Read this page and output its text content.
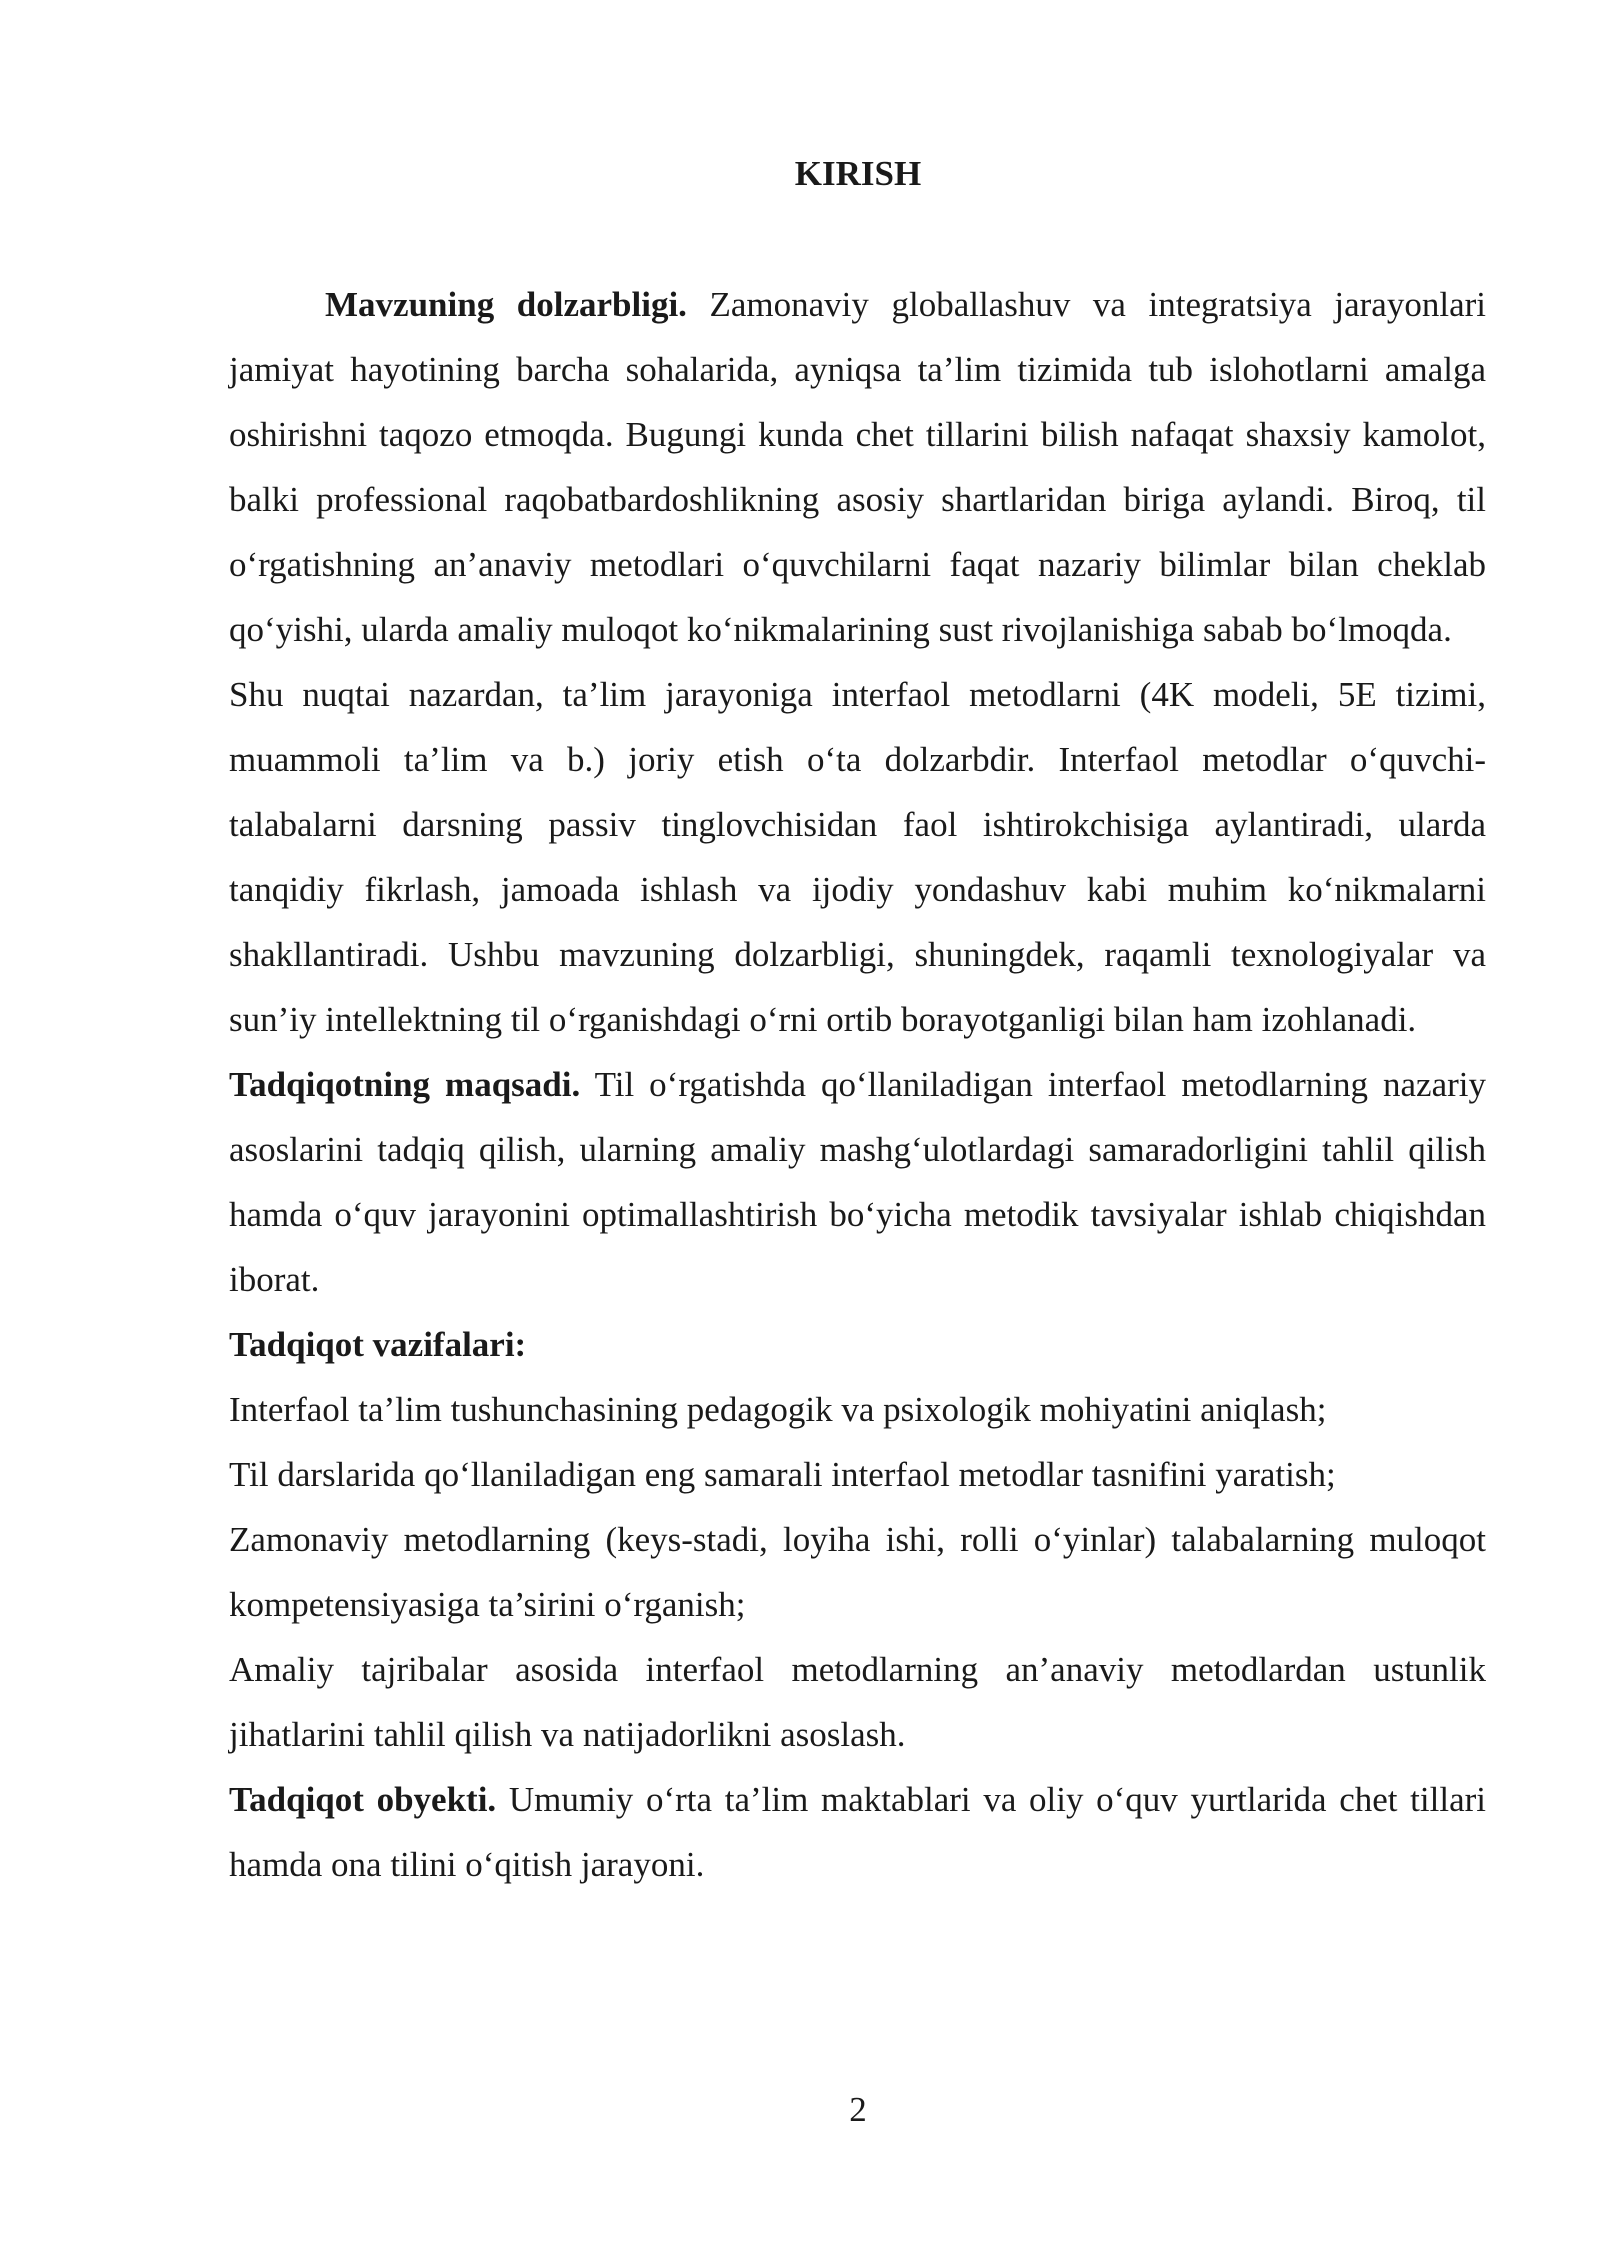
KIRISH

Mavzuning dolzarbligi. Zamonaviy globallashuv va integratsiya jarayonlari jamiyat hayotining barcha sohalarida, ayniqsa ta’lim tizimida tub islohotlarni amalga oshirishni taqozo etmoqda. Bugungi kunda chet tillarini bilish nafaqat shaxsiy kamolot, balki professional raqobatbardoshlikning asosiy shartlaridan biriga aylandi. Biroq, til o‘rgatishning an’anaviy metodlari o‘quvchilarni faqat nazariy bilimlar bilan cheklab qo‘yishi, ularda amaliy muloqot ko‘nikmalarining sust rivojlanishiga sabab bo‘lmoqda.

Shu nuqtai nazardan, ta’lim jarayoniga interfaol metodlarni (4K modeli, 5E tizimi, muammoli ta’lim va b.) joriy etish o‘ta dolzarbdir. Interfaol metodlar o‘quvchi-talabalarni darsning passiv tinglovchisidan faol ishtirokchisiga aylantiradi, ularda tanqidiy fikrlash, jamoada ishlash va ijodiy yondashuv kabi muhim ko‘nikmalarni shakllantiradi. Ushbu mavzuning dolzarbligi, shuningdek, raqamli texnologiyalar va sun’iy intellektning til o‘rganishdagi o‘rni ortib borayotganligi bilan ham izohlanadi.

Tadqiqotning maqsadi. Til o‘rgatishda qo‘llaniladigan interfaol metodlarning nazariy asoslarini tadqiq qilish, ularning amaliy mashg‘ulotlardagi samaradorligini tahlil qilish hamda o‘quv jarayonini optimallashtirish bo‘yicha metodik tavsiyalar ishlab chiqishdan iborat.

Tadqiqot vazifalari:

Interfaol ta’lim tushunchasining pedagogik va psixologik mohiyatini aniqlash;

Til darslarida qo‘llaniladigan eng samarali interfaol metodlar tasnifini yaratish;

Zamonaviy metodlarning (keys-stadi, loyiha ishi, rolli o‘yinlar) talabalarning muloqot kompetensiyasiga ta’sirini o‘rganish;

Amaliy tajribalar asosida interfaol metodlarning an’anaviy metodlardan ustunlik jihatlarini tahlil qilish va natijadorlikni asoslash.

Tadqiqot obyekti. Umumiy o‘rta ta’lim maktablari va oliy o‘quv yurtlarida chet tillari hamda ona tilini o‘qitish jarayoni.

2
